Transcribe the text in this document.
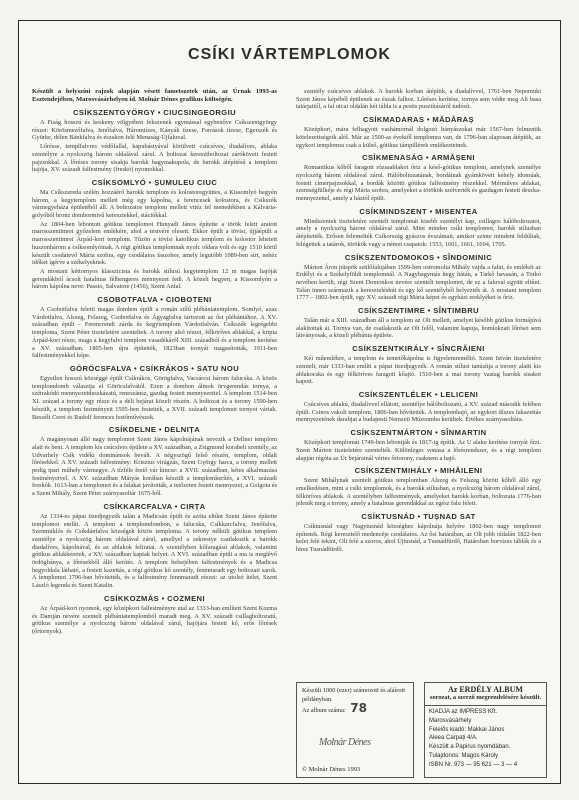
CSÍKI VÁRTEMPLOMOK

Készült a helyszíni rajzok alapján vésett fametszetek után, az Úrnak 1993-as Esztendejében, Marosvásárhelyen id. Molnár Dénes grafikus költségén.

CSÍKSZENTGYÖRGY • CIUCSINGEORGIU

A Fiság hosszú és keskeny völgyében fekszenek egymással egybenőve Csíkszentgyörgy részei: Körösmezőfalva, Jenőfalva, Háromtízes, Kányák tízese, Források tízese, Egerszék és Gyürke, délen Bánkfalva és északon felé Menaság-Újfaluval.

Lőrésse, templfalvres védőfallal, kapubástyával körülvett csúcsíves, diadalíves, ablaka szentélyre a nyolcszög három oldalával zárul. A boltozat keresztboltozat záróköveit festett pajzsokkal. A lőréses torony sisakja barokk hagymakupola, de barokk átépítésű a templom hajója, XV. századi falfestmény (freskó) nyomokkal.

CSÍKSOMLYÓ • ȘUMULEU CIUC

Ma Csíkszereda szélén hozzáérő barokk templom és kolostoregyüttes, a Kissomlyó hegyén három, a kegytemplom mellett még egy kápolna, a ferencesek kolostora, és Csíkszék vármegyeháza épületéből áll. A boltozatos templom mellett vitéz fel menedékben a Kálvária-golyóból bronz dombormivű keresztekkel, stációkkal.

Az 1804-ben lebontott gótikus templomot Hunyadi János építette a török felett aratott marosszentimrei győzelem emlékére, ahol a testvére elesett. Ekkor épült a tövisi, újjáépült a marosszentimrei Árpád-kori templom. Tűzön a tövisi katolikus templom és kolostor lehetett huszonhárom a csíksomlyóinak. A régi gótikus templomnak nyolc oldara volt és egy 1510 körül készült csodatevő Mária szobra, egy csodálatos faszobor, amely legutóbb 1989-ben sírt, nehéz időket ígérve a székelyeknek.

A mostani kéttornyos klasszicista és barokk stílusú kegytemplom 12 m magas hajóját gerendákból ácsolt hatalmas félhengeres mennyezet fedi. A közeli hegyen, a Kissomlyón a három kápolna neve: Passio, Salvatore (1456), Szent Antal.

CSOBOTFALVA • CIOBOTENI

A Csobotfalva feletti magas dombon épült a román stílű plébániatemplom. Somlyó, azaz Várdotfalva, Alszeg, Felszeg, Csobotfalva és Ágyagfalva tartozott az ősi plébániához. A XV. században épült - Ferencrendi zárdа és kegytemplom Várdotfalván. Csíkszék legrégebbi temploma, Szent Péter tiszteletére szenteltek. A torony alsó részei, félköríves ablakkal, a kripta Árpád-kori része, maga a kegyfalvi templom vasadékáról XIII. századból és a templom kerítése a XV. században. 1805-ben újra építették, 1823ban tornyát magasították, 1911-ben falfestményekkel képe.

GÖRÖCSFALVA • CSÍKRÁKOS • SATU NOU

Egyetlen hosszú községgé épült Csíkrákos, Görögfalva, Vacsárcsi három falucska. A közös templomdomb választja el Göröcsfalvától. Ezen a dombon álmok örvgerendás tornya, a szétrakódó mennyezetdeszkázatú, reneszánsz, gazdag festett mennyezettel. A templom 1514-ben XI. század a torony egy része és a déli bejárat közeli részén. A boltozat és a torony 1590-ben készült, a templom festményeit 1595-ben festették, a XVII. századi templomot tornyot vártak. Beszélt Cerei és Rudolf ferences festőművészek.

CSÍKDELNE • DELNIȚA

A magányosan álló nagy templomot Szent János kápolnájának nevezik a Dellnei templom alatt és bent. A templom kis csúcsíves épülete a XV. században, a Zsigmond korabeli szentély, az Udvarhely Csík vidéki dominánsok bevált. A négyszögű felső részén, templom, oldalt lőrésekkel. A XV. századi falfestmény: Krisztus virágzás, Szent György harca, a torony mellett pedig ipari műhely vármegye. A tízféle festő vár kincse: a XVII. században, kétes alkalmazása festményeivel. A XV. században Mátyás korában készült a templomkerítés, a XVI. századi freskók. 1613-ban a templomot és a falakat javították, a tetőzeten festett mennyezet, a Golgota és a Szent Mihály, Szent Péter szárnyasoltár 1675-ből.

CSÍKKARCFALVA • CIRȚA

Az 1334-es pápai tizedjegyzék talán a Madicsán épült és azóta eltűnt Szent János építette templomot említi. A templom a templomdombon, a falucska, Csíkkarcfalva, Jenőfalva, Szentmiklós és Csíkdánfalva községek közös temploma. A torony nélküli gótikus templom szentélye a nyolcszög három oldalával zárul, amellyel a sekrestye csatlakozik a barokk diadalíves, kápolnával, és az ablakok feliratai. A szentélyben kőfaragású ablakok, valamint gótikus ablakkeretek, a XV. században kaptak helyet. A XVI. században épült a ma is meglévő ördögbánya, a lőrésekből álló kerítés. A templom belsejében falfestmények és a Madicsa hegyoldala látható, a festett kazettás, a régi gótikus kő szentély, fennmaradt egy boltozati sarok. A templomot 1796-ban bővítették, és a falfestmény fennmaradt részei: az utolsó ítélet, Szent László legenda és Szent Katalin.

CSÍKKOZMÁS • COZMENI

Az Árpád-kori nyomok, egy középkori falfestményre utal az 1333-ban említett Szent Kozma és Damján nevére szentelt plébániatemplomból maradt meg. A XV. századi csillagboltozatú, gótikus szentélye a nyolcszög három oldalával zárul, hajójára festett kő, erős lőrések (őrtornyok).

szentély csúcsíves ablakok. A barokk korban átépítik, a diadalívvel, 1761-ben Nepomuki Szent János képéből épülenek az észak falhoz. Lőréses kerítése, tornya sem védte meg Ali basa tatárjaitól, a fal utcai oldalán két tábla is a pestis pusztításáról tudósít.

CSÍKMADARAS • MĂDĂRAȘ

Középkori, mára felhagyott vashámornál dolgozó bányászokat már 1567-ben felmentik kötelezettségeik alól. Már az 1500-as évektől templomra van, de 1796-ban alaposan átépítik, az egykori templomra csak a külső, gótikus támpillérek emlékeztetnek.

CSÍKMENASÁG • ARMĂȘENI

Romantikus kőből faragott rózsaablakot őriz a késő-gótikus templom, amelynek szentélye nyolcszög három oldalával zárul. Hálóboltozatának, bordáinak gyámköveit kehely idomúak, festett címerpajzsokkal, a bordák közötti gótikus falfestmény részekkel. Mérműves ablakai, szentségfülkéje és régi Mária szobra, amelyeket a törökök szétverték és gazdagon festett deszka-mennyezettel, amely a háztól épült.

CSÍKMINDSZENT • MISENTEA

Mindszentek tiszteletére szentelt templomát kisebb szentélyt kap, csillagos hálóboltozatot, amely a nyolcszög három oldalával zárul. Mint minden csíki templomot, barokk stílusban átépítették. Erősen felemelték Csíkország gyászos évszámait, amikor szinte mindent feldúltak, felégettek a tatárok, törökök vagy a német csapatok: 1553, 1601, 1661, 1694, 1705.

CSÍKSZENTDOMOKOS • SÎNDOMINIC

Márton Áron püspök szülőfalujában 1599-ben ostromolta Mihály vajda a falut, és emlékét az Erdélyi és a Székelyföldi templomnál. A Nagyhagymás hegy hátán, a Tarkő havasán, a Torkó nevében került, régi Szent Domonkos nevére szentelt templomot, de ez a faluval együtt eltűnt. Talán innen származik a kereszteléskút és egy kő szentélyből helyezték át. A mostani templom 1777 – 1802-ben épült, egy XV. századi régi Mária képet és egyházi ereklyéket is őriz.

CSÍKSZENTIMRE • SÎNTIMBRU

Talán már a XIII. században áll a templom az Olt mellett, amelyet később gótikus formájúvá alakítottak át. Tornya van, de csatlakozik az Olt felől, valamint kapuja, homlokzati lőrései sem látványosak, a közeli plébánia épülete.

CSÍKSZENTKIRÁLY • SÎNCRĂIENI

Kéi műemlékre, a templom és temetőkápolna is figyelemreméltó. Szent István tiszteletére szentelt, már 1333-ban említi a pápai tizedjegyzék. A román stílust tanúsítja a torony alatti kis ablakocska és egy félköríves faragott kőajtó. 1510-ben a mai torony vastag barokk sisakot kapott.

CSÍKSZENTLÉLEK • LELICENI

Csúcsíves ablakú, diadalívvel ellátott, szentélye hálóboltozatú, a XV. század második felében épült. Csinos vakolt templom, 1806-ban bővítették. A templomhajó, az egykori díszes fakazettás mennyezetének darabjai a budapesti Nemzeti Múzeumba kerültek. Értékes szárnyasoltára.

CSÍKSZENTMÁRTON • SÎNMARTIN

Középkori templomát 1749-ben lebontják és 1817-ig építik. Az U alaku kerítése tornyát őrzi. Szent Márton tiszteletére szentelték. Különleges vonása a lőrésrendszer, és a régi templom alapján régóta az Úr bejáratnál vértes őrtorony, csaknem a hajó.

CSÍKSZENTMIHÁLY • MIHĂILENI

Szent Mihálynak szentelt gótikus templomban Alszeg és Felszeg között kőből álló egy emelkedésen, mint a csíki templomok, és a barokk stílusban, a nyolcszög három oldalával zárul, félköríves ablakok. A szentélyben falfestmények, amelyeket barokk korban, boltozata 1776-ban jelenik meg a torony, amely a hatalmas gerendákkal az egész falu felett.

CSÍKTUSNÁD • TUȘNAD SAT

Csíktusnád vagy Nagytusnád községhez kápolnája helyére 1802-ben nagy templomot építenek. Régi keresztelő medencéje csodálatos. Az ősi határában, az Olt jobb oldalán 1822-ben kelet felé tekint, Olt felé a szoros, ahol Újtusnád, a Tusnádfürdő, Határsban borvizes táblák és a hires Tusnádfürdő.

Készült 1000 (ezer) számozott és aláírott példányban.
Az album száma: 78
Molnár Dénes
© Molnár Dénes 1993
Az ERDÉLY ALBUM
sorozat, a szerző megrendelésére készült.
KIADJA az IMPRESS Kft.
Marosvásárhely
Felelős kiadó: Makkai János
Aleea Carpați 4/A.
Készült a Papirus nyomdában.
Tulajdonos: Magos Károly
ISBN Nr. 973 — 95 621 — 3 — 4
